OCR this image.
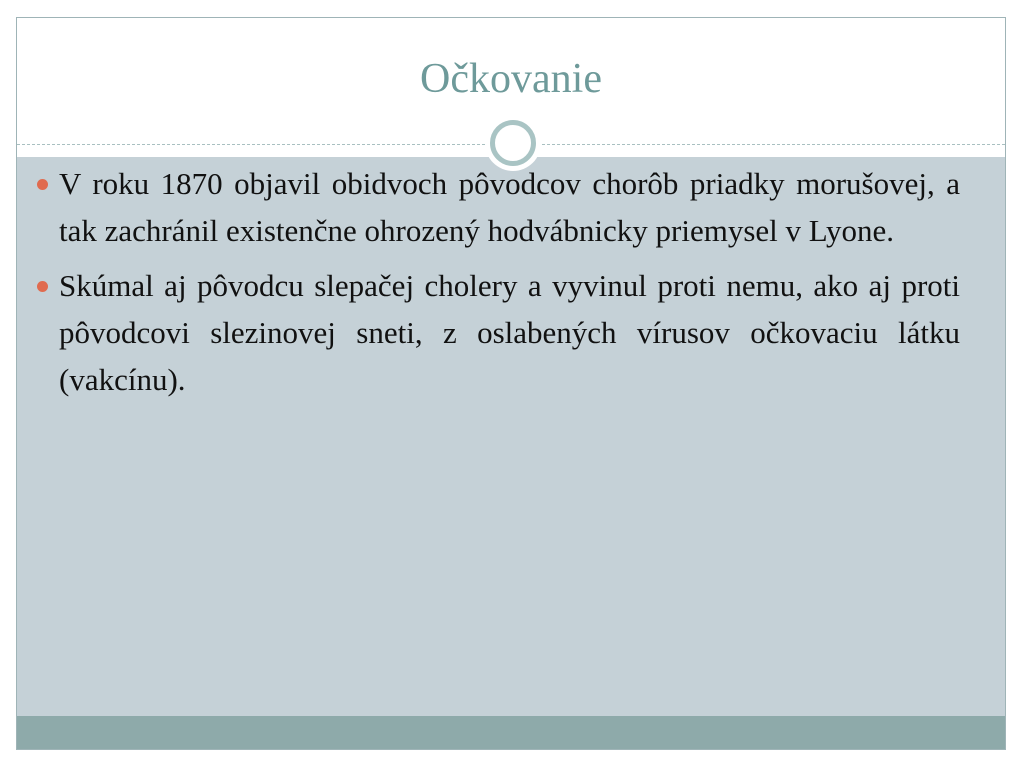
Očkovanie
V roku 1870 objavil obidvoch pôvodcov chorôb priadky morušovej, a tak zachránil existenčne ohrozený hodvábnicky priemysel v Lyone.
Skúmal aj pôvodcu slepačej cholery a vyvinul proti nemu, ako aj proti pôvodcovi slezinovej sneti, z oslabených vírusov očkovaciu látku (vakcínu).
